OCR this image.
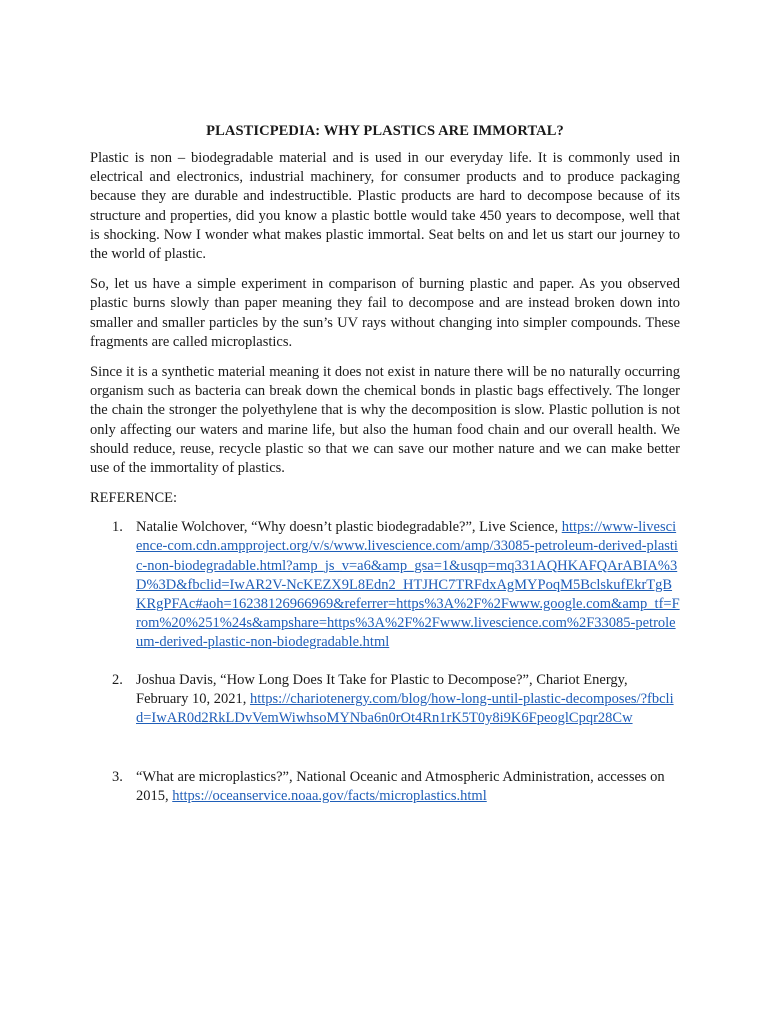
PLASTICPEDIA: WHY PLASTICS ARE IMMORTAL?

Plastic is non – biodegradable material and is used in our everyday life. It is commonly used in electrical and electronics, industrial machinery, for consumer products and to produce packaging because they are durable and indestructible. Plastic products are hard to decompose because of its structure and properties, did you know a plastic bottle would take 450 years to decompose, well that is shocking. Now I wonder what makes plastic immortal. Seat belts on and let us start our journey to the world of plastic.

So, let us have a simple experiment in comparison of burning plastic and paper. As you observed plastic burns slowly than paper meaning they fail to decompose and are instead broken down into smaller and smaller particles by the sun’s UV rays without changing into simpler compounds. These fragments are called microplastics.

Since it is a synthetic material meaning it does not exist in nature there will be no naturally occurring organism such as bacteria can break down the chemical bonds in plastic bags effectively. The longer the chain the stronger the polyethylene that is why the decomposition is slow. Plastic pollution is not only affecting our waters and marine life, but also the human food chain and our overall health. We should reduce, reuse, recycle plastic so that we can save our mother nature and we can make better use of the immortality of plastics.

REFERENCE:
1. Natalie Wolchover, “Why doesn’t plastic biodegradable?”, Live Science, https://www-livescience-com.cdn.ampproject.org/v/s/www.livescience.com/amp/33085-petroleum-derived-plastic-non-biodegradable.html?amp_js_v=a6&amp_gsa=1&usqp=mq331AQHKAFQArABIA%3D%3D&fbclid=IwAR2V-NcKEZX9L8Edn2_HTJHC7TRFdxAgMYPoqM5BclskufEkrTgBKRgPFAc#aoh=16238126966969&referrer=https%3A%2F%2Fwww.google.com&amp_tf=From%20%251%24s&ampshare=https%3A%2F%2Fwww.livescience.com%2F33085-petroleum-derived-plastic-non-biodegradable.html
2. Joshua Davis, “How Long Does It Take for Plastic to Decompose?”, Chariot Energy, February 10, 2021, https://chariotenergy.com/blog/how-long-until-plastic-decomposes/?fbclid=IwAR0d2RkLDvVemWiwhsoMYNba6n0rOt4Rn1rK5T0y8i9K6FpeoglCpqr28Cw
3. “What are microplastics?”, National Oceanic and Atmospheric Administration, accesses on 2015, https://oceanservice.noaa.gov/facts/microplastics.html
